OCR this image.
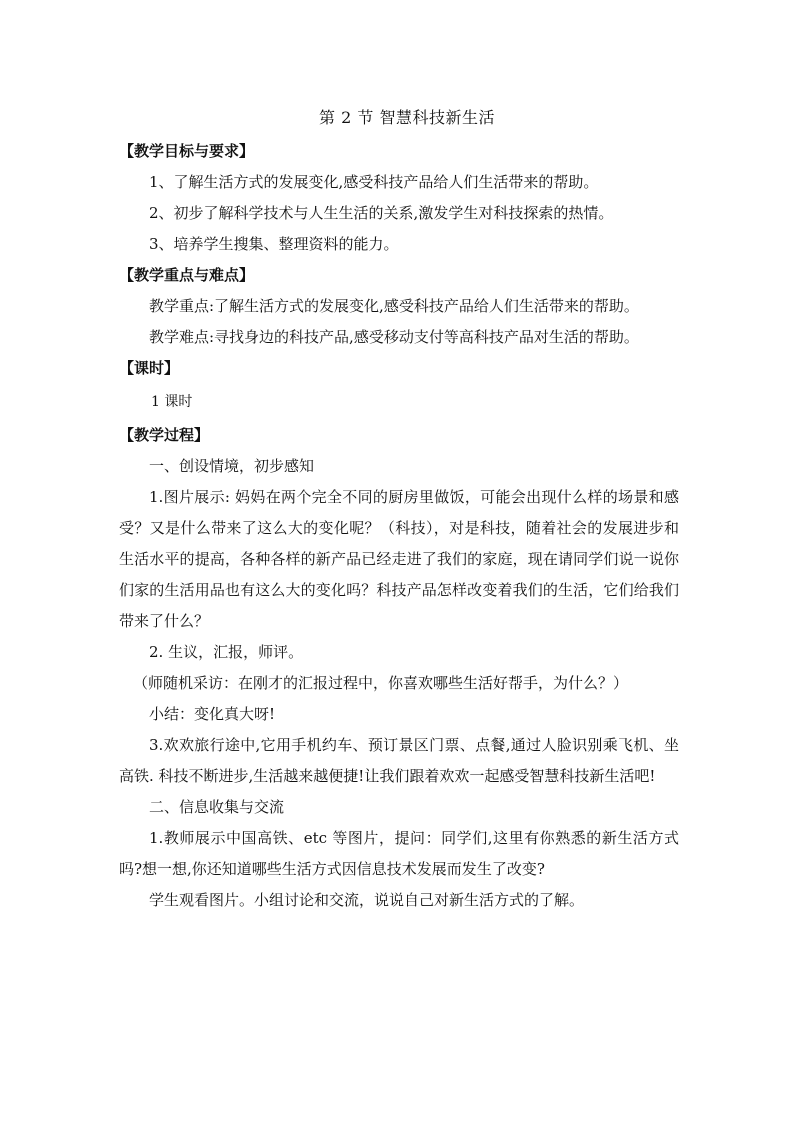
第 2 节 智慧科技新生活

【教学目标与要求】

1、了解生活方式的发展变化,感受科技产品给人们生活带来的帮助。

2、初步了解科学技术与人生生活的关系,激发学生对科技探索的热情。

3、培养学生搜集、整理资料的能力。

【教学重点与难点】

教学重点:了解生活方式的发展变化,感受科技产品给人们生活带来的帮助。

教学难点:寻找身边的科技产品,感受移动支付等高科技产品对生活的帮助。

【课时】

1 课时

【教学过程】

一、创设情境，初步感知

1.图片展示: 妈妈在两个完全不同的厨房里做饭，可能会出现什么样的场景和感受？又是什么带来了这么大的变化呢？（科技），对是科技，随着社会的发展进步和生活水平的提高，各种各样的新产品已经走进了我们的家庭，现在请同学们说一说你们家的生活用品也有这么大的变化吗？科技产品怎样改变着我们的生活，它们给我们带来了什么？

2. 生议，汇报，师评。

（师随机采访：在刚才的汇报过程中，你喜欢哪些生活好帮手，为什么？）

小结：变化真大呀!

3.欢欢旅行途中,它用手机约车、预订景区门票、点餐,通过人脸识别乘飞机、坐高铁. 科技不断进步,生活越来越便捷!让我们跟着欢欢一起感受智慧科技新生活吧!

二、信息收集与交流

1.教师展示中国高铁、etc 等图片，提问：同学们,这里有你熟悉的新生活方式吗?想一想,你还知道哪些生活方式因信息技术发展而发生了改变?

学生观看图片。小组讨论和交流，说说自己对新生活方式的了解。
